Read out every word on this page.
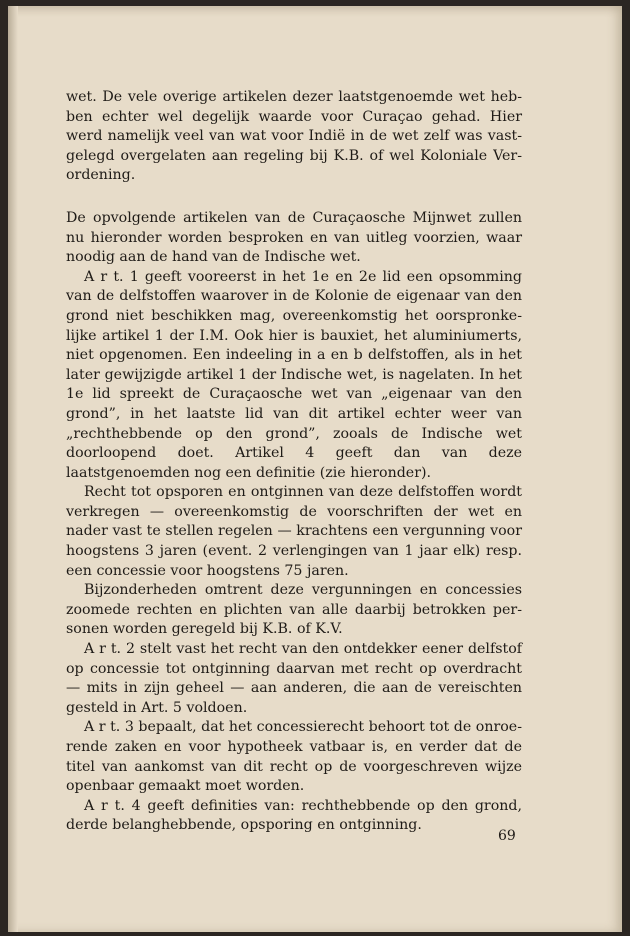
wet. De vele overige artikelen dezer laatstgenoemde wet hebben echter wel degelijk waarde voor Curaçao gehad. Hier werd namelijk veel van wat voor Indië in de wet zelf was vastgelegd overgelaten aan regeling bij K.B. of wel Koloniale Verordening.

De opvolgende artikelen van de Curaçaosche Mijnwet zullen nu hieronder worden besproken en van uitleg voorzien, waar noodig aan de hand van de Indische wet.

A r t. 1 geeft vooreerst in het 1e en 2e lid een opsomming van de delfstoffen waarover in de Kolonie de eigenaar van den grond niet beschikken mag, overeenkomstig het oorspronkelijke artikel 1 der I.M. Ook hier is bauxiet, het aluminiumerts, niet opgenomen. Een indeeling in a en b delfstoffen, als in het later gewijzigde artikel 1 der Indische wet, is nagelaten. In het 1e lid spreekt de Curaçaosche wet van „eigenaar van den grond”, in het laatste lid van dit artikel echter weer van „rechthebbende op den grond”, zooals de Indische wet doorloopend doet. Artikel 4 geeft dan van deze laatstgenoemden nog een definitie (zie hieronder).

Recht tot opsporen en ontginnen van deze delfstoffen wordt verkregen — overeenkomstig de voorschriften der wet en nader vast te stellen regelen — krachtens een vergunning voor hoogstens 3 jaren (event. 2 verlengingen van 1 jaar elk) resp. een concessie voor hoogstens 75 jaren.

Bijzonderheden omtrent deze vergunningen en concessies zoomede rechten en plichten van alle daarbij betrokken personen worden geregeld bij K.B. of K.V.

A r t. 2 stelt vast het recht van den ontdekker eener delfstof op concessie tot ontginning daarvan met recht op overdracht — mits in zijn geheel — aan anderen, die aan de vereischten gesteld in Art. 5 voldoen.

A r t. 3 bepaalt, dat het concessierecht behoort tot de onroerende zaken en voor hypotheek vatbaar is, en verder dat de titel van aankomst van dit recht op de voorgeschreven wijze openbaar gemaakt moet worden.

A r t. 4 geeft definities van: rechthebbende op den grond, derde belanghebbende, opsporing en ontginning.

69
